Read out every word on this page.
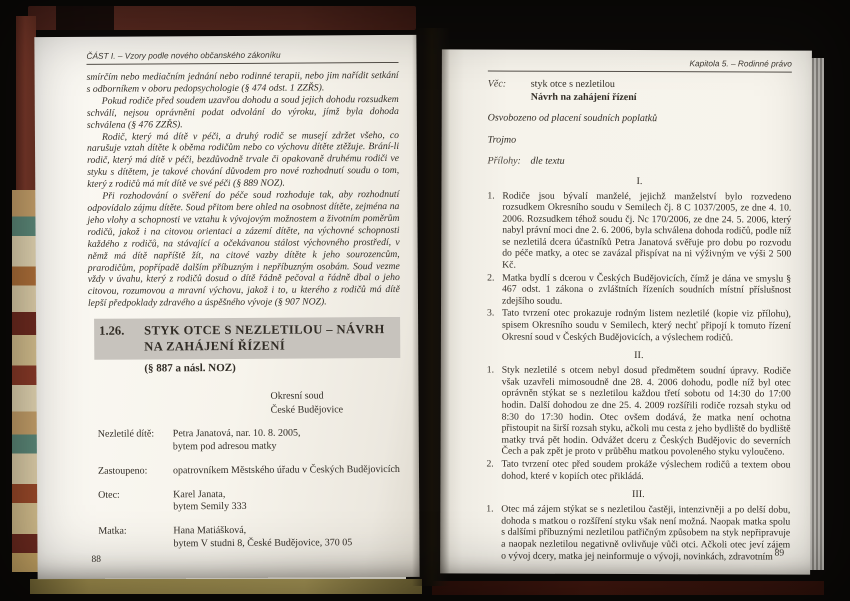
ČÁST I. – Vzory podle nového občanského zákoníku

smírčím nebo mediačním jednání nebo rodinné terapii, nebo jim nařídit setkání s odborníkem v oboru pedopsychologie (§ 474 odst. 1 ZZŘS).

Pokud rodiče před soudem uzavřou dohodu a soud jejich dohodu rozsudkem schválí, nejsou oprávněni podat odvolání do výroku, jímž byla dohoda schválena (§ 476 ZZŘS).

Rodič, který má dítě v péči, a druhý rodič se musejí zdržet všeho, co narušuje vztah dítěte k oběma rodičům nebo co výchovu dítěte ztěžuje. Brání-li rodič, který má dítě v péči, bezdůvodně trvale či opakovaně druhému rodiči ve styku s dítětem, je takové chování důvodem pro nové rozhodnutí soudu o tom, který z rodičů má mít dítě ve své péči (§ 889 NOZ).

Při rozhodování o svěření do péče soud rozhoduje tak, aby rozhodnutí odpovídalo zájmu dítěte. Soud přitom bere ohled na osobnost dítěte, zejména na jeho vlohy a schopnosti ve vztahu k vývojovým možnostem a životním poměrům rodičů, jakož i na citovou orientaci a zázemí dítěte, na výchovné schopnosti každého z rodičů, na stávající a očekávanou stálost výchovného prostředí, v němž má dítě napříště žít, na citové vazby dítěte k jeho sourozencům, prarodičům, popřípadě dalším příbuzným i nepříbuzným osobám. Soud vezme vždy v úvahu, který z rodičů dosud o dítě řádně pečoval a řádně dbal o jeho citovou, rozumovou a mravní výchovu, jakož i to, u kterého z rodičů má dítě lepší předpoklady zdravého a úspěšného vývoje (§ 907 NOZ).

1.26.	STYK OTCE S NEZLETILOU – NÁVRH
NA ZAHÁJENÍ ŘÍZENÍ
(§ 887 a násl. NOZ)
Okresní soud
České Budějovice
Nezletilé dítě:	Petra Janatová, nar. 10. 8. 2005,
bytem pod adresou matky
Zastoupeno:	opatrovníkem Městského úřadu v Českých Budějovicích
Otec:	Karel Janata,
bytem Semily 333
Matka:	Hana Matiášková,
bytem V studni 8, České Budějovice, 370 05
88
Kapitola 5. – Rodinné právo
Věc:	styk otce s nezletilou
Návrh na zahájení řízení
Osvobozeno od placení soudních poplatků
Trojmo
Přílohy: dle textu
I.
1. Rodiče jsou bývalí manželé, jejichž manželství bylo rozvedeno rozsudkem Okresního soudu v Semilech čj. 8 C 1037/2005, ze dne 4. 10. 2006. Rozsudkem téhož soudu čj. Nc 170/2006, ze dne 24. 5. 2006, který nabyl právní moci dne 2. 6. 2006, byla schválena dohoda rodičů, podle níž se nezletilá dcera účastníků Petra Janatová svěřuje pro dobu po rozvodu do péče matky, a otec se zavázal přispívat na ni výživným ve výši 2 500 Kč.
2. Matka bydlí s dcerou v Českých Budějovicích, čímž je dána ve smyslu § 467 odst. 1 zákona o zvláštních řízeních soudních místní příslušnost zdejšího soudu.
3. Tato tvrzení otec prokazuje rodným listem nezletilé (kopie viz přílohu), spisem Okresního soudu v Semilech, který nechť připojí k tomuto řízení Okresní soud v Českých Budějovicích, a výslechem rodičů.
II.
1. Styk nezletilé s otcem nebyl dosud předmětem soudní úpravy. Rodiče však uzavřeli mimosoudně dne 28. 4. 2006 dohodu, podle níž byl otec oprávněn stýkat se s nezletilou každou třetí sobotu od 14:30 do 17:00 hodin. Další dohodou ze dne 25. 4. 2009 rozšířili rodiče rozsah styku od 8:30 do 17:30 hodin. Otec ovšem dodává, že matka není ochotna přistoupit na širší rozsah styku, ačkoli mu cesta z jeho bydliště do bydliště matky trvá pět hodin. Odvážet dceru z Českých Budějovic do severních Čech a pak zpět je proto v průběhu matkou povoleného styku vyloučeno.
2. Tato tvrzení otec před soudem prokáže výslechem rodičů a textem obou dohod, které v kopiích otec přikládá.
III.
1. Otec má zájem stýkat se s nezletilou častěji, intenzivněji a po delší dobu, dohoda s matkou o rozšíření styku však není možná. Naopak matka spolu s dalšími příbuznými nezletilou patřičným způsobem na styk nepřipravuje a naopak nezletilou negativně ovlivňuje vůči otci. Ačkoli otec jeví zájem o vývoj dcery, matka jej neinformuje o vývoji, novinkách, zdravotním 89
